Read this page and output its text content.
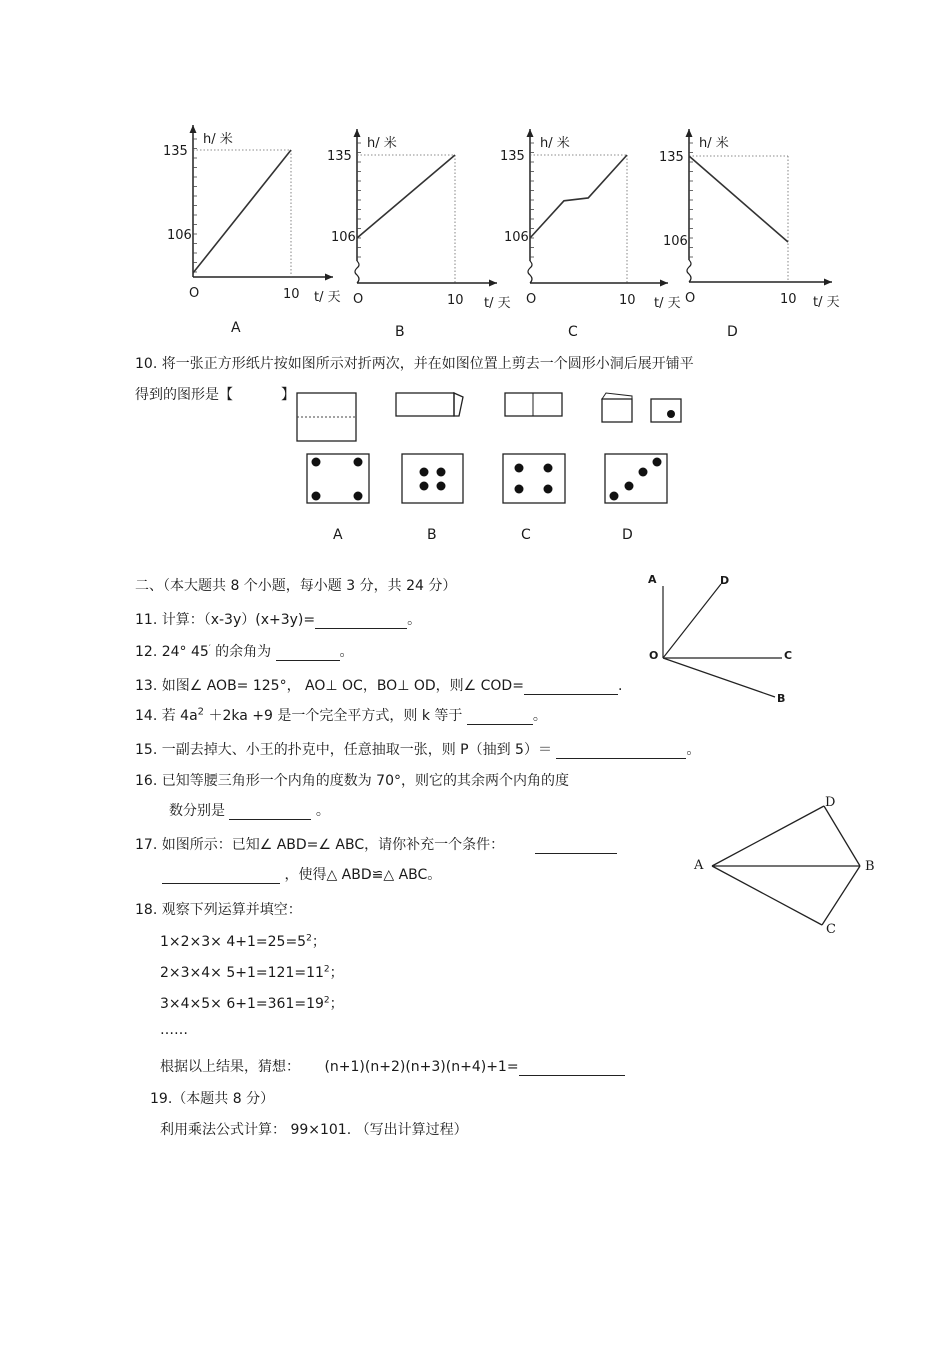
h/ 米
135
106
O	10 t/ 天
A
h/ 米
135
106
O	10 t/ 天
B
h/ 米
135
106
O	10 t/ 天
C
h/ 米
135
106
O	10 t/ 天
D
10. 将一张正方形纸片按如图所示对折两次，并在如图位置上剪去一个圆形小洞后展开铺平
得到的图形是【	】
A	B	C	D
二、（本大题共 8 个小题，每小题 3 分，共 24 分）
11. 计算：（x-3y）(x+3y)=	。
12. 24° 45′ 的余角为	。
13. 如图∠ AOB= 125°， AO⊥ OC，BO⊥ OD，则∠ COD=	.
14. 若 $4a^2 +2ka +9$ 是一个完全平方式，则 k 等于	。
15. 一副去掉大、小王的扑克中，任意抽取一张，则 P（抽到 5）＝	。
16. 已知等腰三角形一个内角的度数为 70°，则它的其余两个内角的度
数分别是	。
17. 如图所示：已知∠ ABD=∠ ABC，请你补充一个条件：
，使得△ ABD≌△ ABC。
18. 观察下列运算并填空：
$1\times 2\times 3\times 4+1=25=5^2$；
$2\times 3\times 4\times 5+1=121=11^2$；
$3\times 4\times 5\times 6+1=361=19^2$；
……
根据以上结果，猜想： (n+1)(n+2)(n+3)(n+4)+1=
19.（本题共 8 分）
利用乘法公式计算： 99×101. （写出计算过程）
A	D
O	C
B
A	B
C
D
